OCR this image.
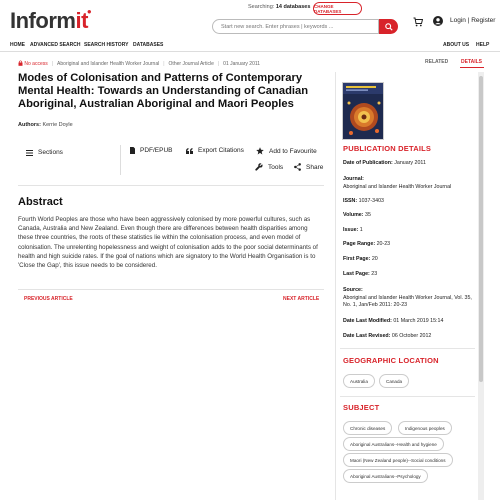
Informit●	Searching: 14 databases CHANGE DATABASES
Start new search. Enter phrases | keywords ...
Login | Register
HOME ADVANCED SEARCH SEARCH HISTORY DATABASES	ABOUT US HELP
No access | Aboriginal and Islander Health Worker Journal | Other Journal Article | 01 January 2011	RELATED	DETAILS
Modes of Colonisation and Patterns of Contemporary Mental Health: Towards an Understanding of Canadian Aboriginal, Australian Aboriginal and Maori Peoples
Authors: Kerrie Doyle
Sections	PDF/EPUB	Export Citations	Add to Favourite
Tools	Share
Abstract
Fourth World Peoples are those who have been aggressively colonised by more powerful cultures, such as Canada, Australia and New Zealand. Even though there are differences between health disparities among these three countries, the roots of these statistics lie within the colonisation process, and even model of colonisation. The unrelenting hopelessness and weight of colonisation adds to the poor social determinants of health and high suicide rates. If the goal of nations which are signatory to the World Health Organisation is to 'Close the Gap', this issue needs to be considered.
PREVIOUS ARTICLE	NEXT ARTICLE
PUBLICATION DETAILS
Date of Publication: January 2011
Journal:
Aboriginal and Islander Health Worker Journal
ISSN: 1037-3403
Volume: 35
Issue: 1
Page Range: 20-23
First Page: 20
Last Page: 23
Source:
Aboriginal and Islander Health Worker Journal, Vol. 35, No. 1, Jan/Feb 2011: 20-23
Date Last Modified: 01 March 2019 15:14
Date Last Revised: 06 October 2012
GEOGRAPHIC LOCATION
Australia	Canada
SUBJECT
Chronic diseases	Indigenous peoples
Aboriginal Australians--Health and hygiene
Maori (New Zealand people)--Social conditions
Aboriginal Australians--Psychology
